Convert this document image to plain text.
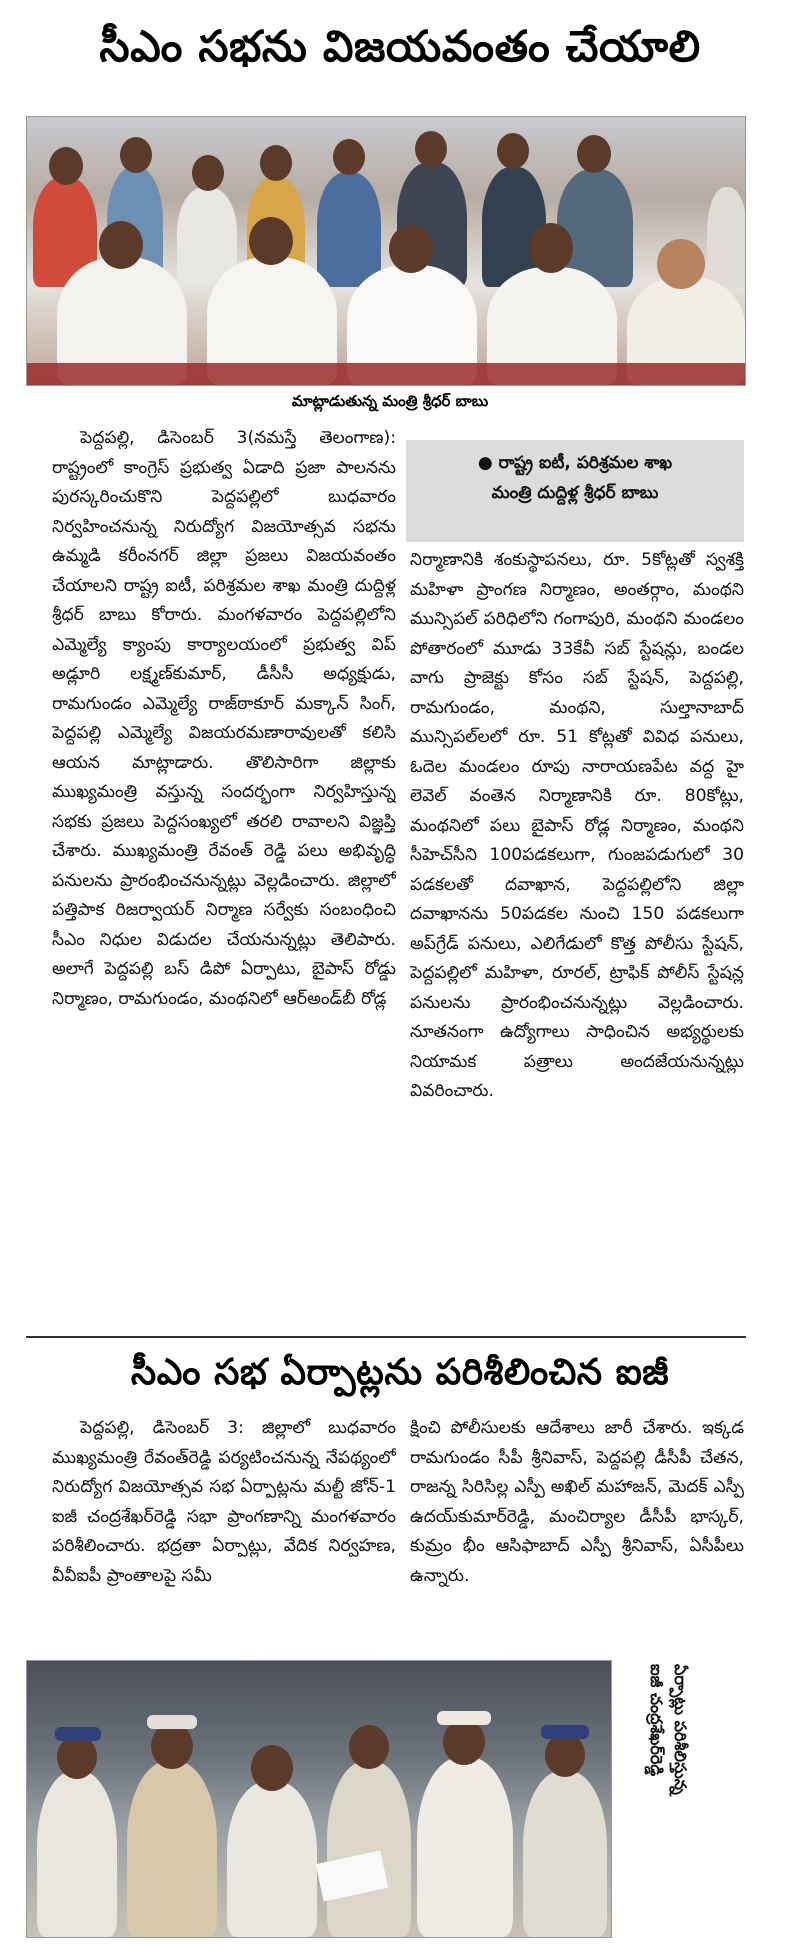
సీఎం సభను విజయవంతం చేయాలి
మాట్లాడుతున్న మంత్రి శ్రీధర్ బాబు

పెద్దపల్లి, డిసెంబర్ 3(నమస్తే తెలంగాణ): రాష్ట్రంలో కాంగ్రెస్ ప్రభుత్వ ఏడాది ప్రజా పాలనను పురస్కరించుకొని పెద్దపల్లిలో బుధవారం నిర్వహించనున్న నిరుద్యోగ విజయోత్సవ సభను ఉమ్మడి కరీంనగర్ జిల్లా ప్రజలు విజయవంతం చేయాలని రాష్ట్ర ఐటీ, పరిశ్రమల శాఖ మంత్రి దుద్దిళ్ల శ్రీధర్ బాబు కోరారు. మంగళవారం పెద్దపల్లిలోని ఎమ్మెల్యే క్యాంపు కార్యాలయంలో ప్రభుత్వ విప్ అడ్లూరి లక్ష్మణ్‌కుమార్, డీసీసీ అధ్యక్షుడు, రామగుండం ఎమ్మెల్యే రాజ్‌ఠాకూర్ మక్కాన్ సింగ్, పెద్దపల్లి ఎమ్మెల్యే విజయరమణారావులతో కలిసి ఆయన మాట్లాడారు. తొలిసారిగా జిల్లాకు ముఖ్యమంత్రి వస్తున్న సందర్భంగా నిర్వహిస్తున్న సభకు ప్రజలు పెద్దసంఖ్యలో తరలి రావాలని విజ్ఞప్తి చేశారు. ముఖ్యమంత్రి రేవంత్ రెడ్డి పలు అభివృద్ధి పనులను ప్రారంభించనున్నట్లు వెల్లడించారు. జిల్లాలో పత్తిపాక రిజర్వాయర్ నిర్మాణ సర్వేకు సంబంధించి సీఎం నిధుల విడుదల చేయనున్నట్లు తెలిపారు. అలాగే పెద్దపల్లి బస్ డిపో ఏర్పాటు, బైపాస్ రోడ్డు నిర్మాణం, రామగుండం, మంథనిలో ఆర్‌అండ్‌బీ రోడ్ల

● రాష్ట్ర ఐటీ, పరిశ్రమల శాఖ
మంత్రి దుద్దిళ్ల శ్రీధర్ బాబు

నిర్మాణానికి శంకుస్థాపనలు, రూ. 5కోట్లతో స్వశక్తి మహిళా ప్రాంగణ నిర్మాణం, అంతర్గాం, మంథని మున్సిపల్ పరిధిలోని గంగాపురి, మంథని మండలం పోతారంలో మూడు 33కేవీ సబ్ స్టేషన్లు, బండల వాగు ప్రాజెక్టు కోసం సబ్ స్టేషన్, పెద్దపల్లి, రామగుండం, మంథని, సుల్తానాబాద్ మున్సిపల్‌లలో రూ. 51 కోట్లతో వివిధ పనులు, ఓదెల మండలం రూపు నారాయణపేట వద్ద హై లెవెల్ వంతెన నిర్మాణానికి రూ. 80కోట్లు, మంథనిలో పలు బైపాస్ రోడ్ల నిర్మాణం, మంథని సీహెచ్‌సీని 100పడకలుగా, గుంజపడుగులో 30 పడకలతో దవాఖాన, పెద్దపల్లిలోని జిల్లా దవాఖానను 50పడకల నుంచి 150 పడకలుగా అప్‌గ్రేడ్ పనులు, ఎలిగేడులో కొత్త పోలీసు స్టేషన్, పెద్దపల్లిలో మహిళా, రూరల్, ట్రాఫిక్ పోలీస్ స్టేషన్ల పనులను ప్రారంభించనున్నట్లు వెల్లడించారు. నూతనంగా ఉద్యోగాలు సాధించిన అభ్యర్థులకు నియామక పత్రాలు అందజేయనున్నట్లు వివరించారు.

సీఎం సభ ఏర్పాట్లను పరిశీలించిన ఐజీ

పెద్దపల్లి, డిసెంబర్ 3: జిల్లాలో బుధవారం ముఖ్యమంత్రి రేవంత్‌రెడ్డి పర్యటించనున్న నేపథ్యంలో నిరుద్యోగ విజయోత్సవ సభ ఏర్పాట్లను మల్టీ జోన్-1 ఐజీ చంద్రశేఖర్‌రెడ్డి సభా ప్రాంగణాన్ని మంగళవారం పరిశీలించారు. భద్రతా ఏర్పాట్లు, వేదిక నిర్వహణ, వీవీఐపీ ప్రాంతాలపై సమీ

క్షించి పోలీసులకు ఆదేశాలు జారీ చేశారు. ఇక్కడ రామగుండం సీపీ శ్రీనివాస్, పెద్దపల్లి డీసీపీ చేతన, రాజన్న సిరిసిల్ల ఎస్పీ అఖిల్ మహాజన్, మెదక్ ఎస్పీ ఉదయ్‌కుమార్‌రెడ్డి, మంచిర్యాల డీసీపీ భాస్కర్, కుమ్రం భీం ఆసిఫాబాద్ ఎస్పీ శ్రీనివాస్, ఏసీపీలు ఉన్నారు.

ఏర్పాట్లు పరిశీలిస్తున్న
ఐజీ చంద్రశేఖర్‌రెడ్డి
